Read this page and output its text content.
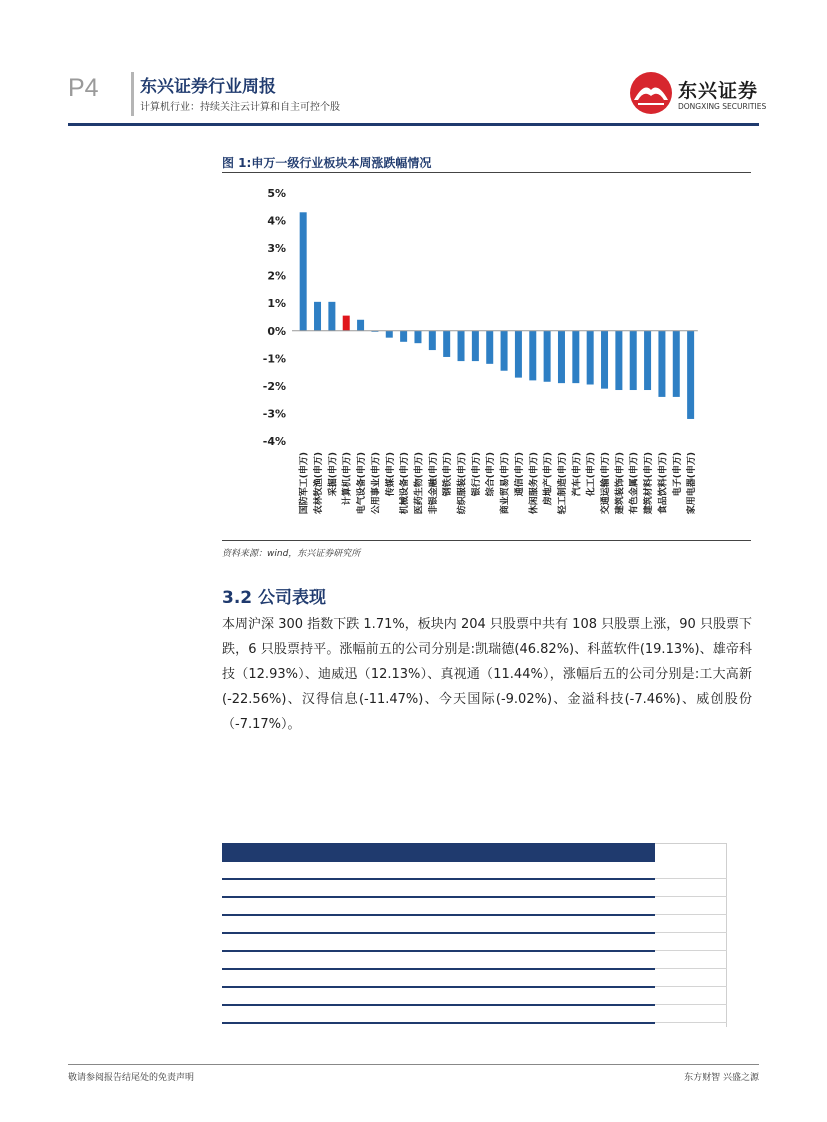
P4 东兴证券行业周报
计算机行业：持续关注云计算和自主可控个股
东兴证券
DONGXING SECURITIES
图 1:申万一级行业板块本周涨跌幅情况
5%
4%
3%
2%
1%
0%
-1%
-2%
-3%
-4%
国防军工(申万) 农林牧渔(申万) 采掘(申万) 计算机(申万) 电气设备(申万) 公用事业(申万) 传媒(申万) 机械设备(申万) 医药生物(申万) 非银金融(申万) 钢铁(申万) 纺织服装(申万) 银行(申万) 综合(申万) 商业贸易(申万) 通信(申万) 休闲服务(申万) 房地产(申万) 轻工制造(申万) 汽车(申万) 化工(申万) 交通运输(申万) 建筑装饰(申万) 有色金属(申万) 建筑材料(申万) 食品饮料(申万) 电子(申万) 家用电器(申万)
资料来源：wind，东兴证券研究所
3.2 公司表现
本周沪深 300 指数下跌 1.71%，板块内 204 只股票中共有 108 只股票上涨，90 只股票下跌，6 只股票持平。涨幅前五的公司分别是:凯瑞德(46.82%)、科蓝软件(19.13%)、雄帝科技（12.93%）、迪威迅（12.13%）、真视通（11.44%），涨幅后五的公司分别是:工大高新(-22.56%)、汉得信息(-11.47%)、今天国际(-9.02%)、金溢科技(-7.46%)、威创股份（-7.17%）。
敬请参阅报告结尾处的免责声明	东方财智 兴盛之源
